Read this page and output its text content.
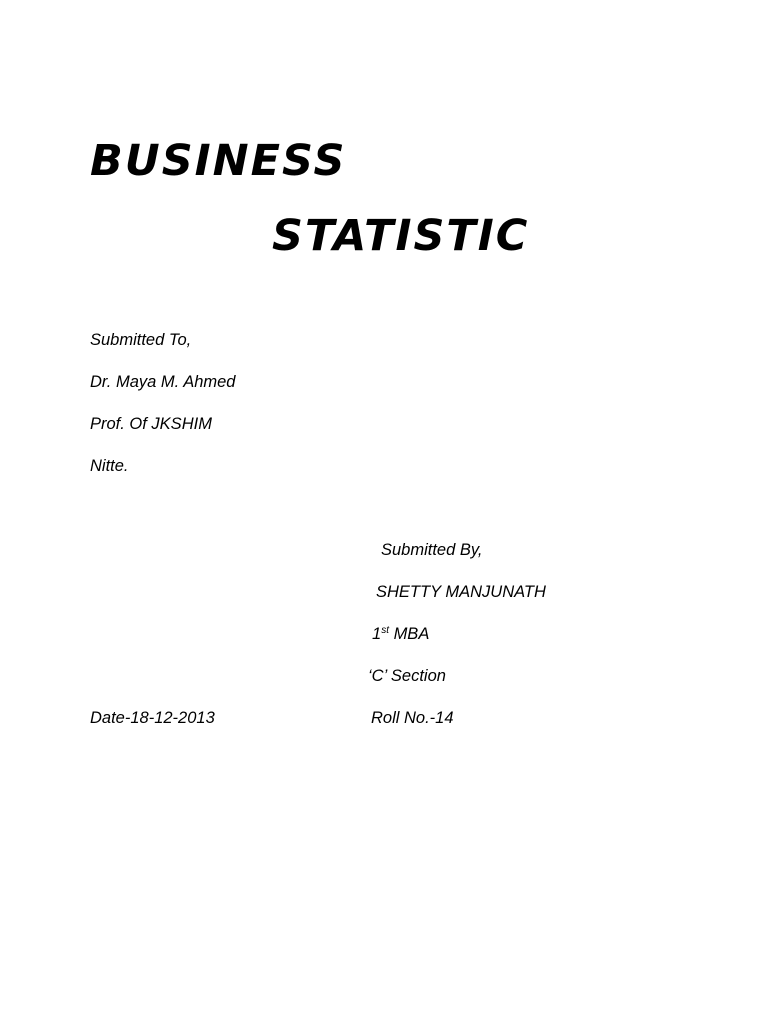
BUSINESS
STATISTIC

Submitted To,

Dr. Maya M. Ahmed

Prof. Of JKSHIM

Nitte.

Submitted By,

SHETTY MANJUNATH

1st MBA

‘C’ Section

Roll No.-14

Date-18-12-2013
